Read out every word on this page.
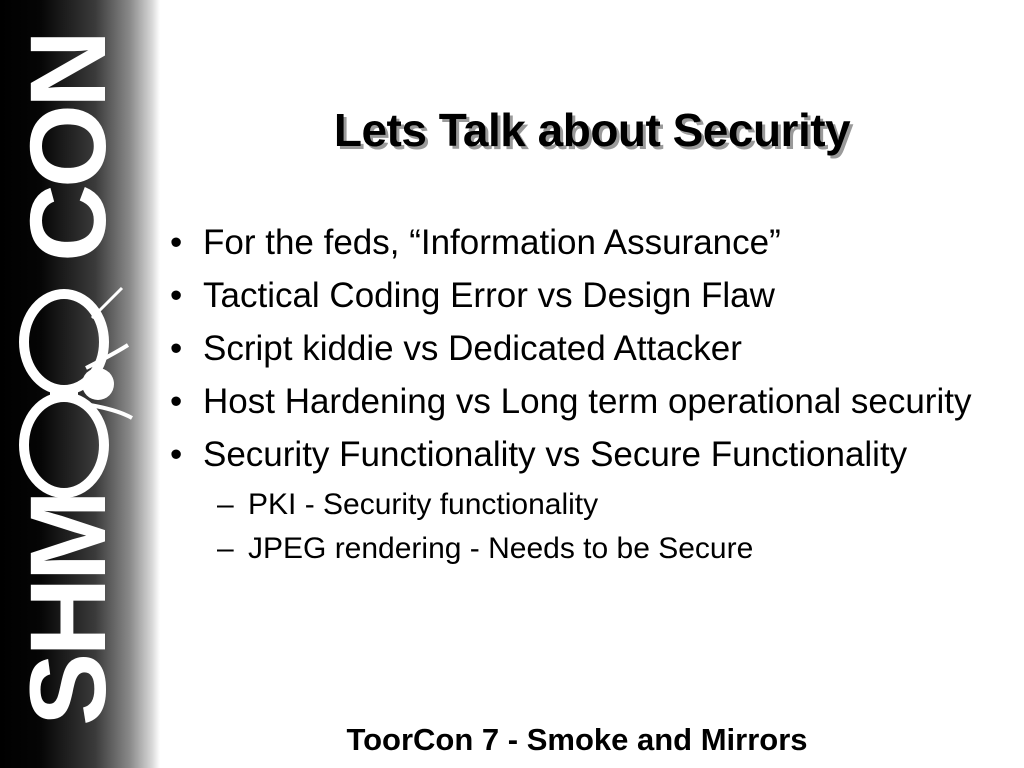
SHM
CON	Lets Talk about Security
• For the feds, “Information Assurance”
• Tactical Coding Error vs Design Flaw
• Script kiddie vs Dedicated Attacker
• Host Hardening vs Long term operational security
• Security Functionality vs Secure Functionality
– PKI - Security functionality
– JPEG rendering - Needs to be Secure
ToorCon 7 - Smoke and Mirrors
